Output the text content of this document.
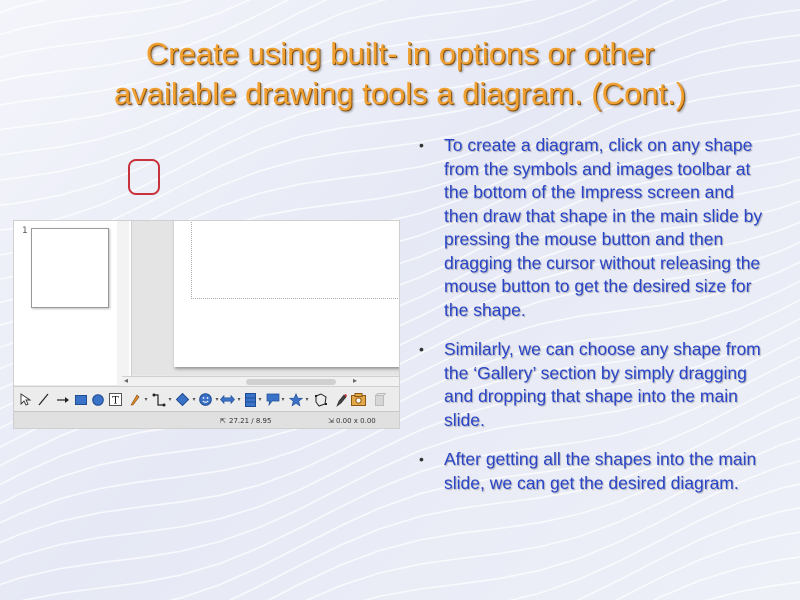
Create using built- in options or other
available drawing tools a diagram. (Cont.)
1
◂	▸
T	▾	▾	▾	▾	▾	▾	▾	▾
⇱ 27.21 / 8.95	⇲ 0.00 x 0.00
• To create a diagram, click on any shape from the symbols and images toolbar at the bottom of the Impress screen and then draw that shape in the main slide by pressing the mouse button and then dragging the cursor without releasing the mouse button to get the desired size for the shape.
• Similarly, we can choose any shape from the ‘Gallery’ section by simply dragging and dropping that shape into the main slide.
• After getting all the shapes into the main slide, we can get the desired diagram.
